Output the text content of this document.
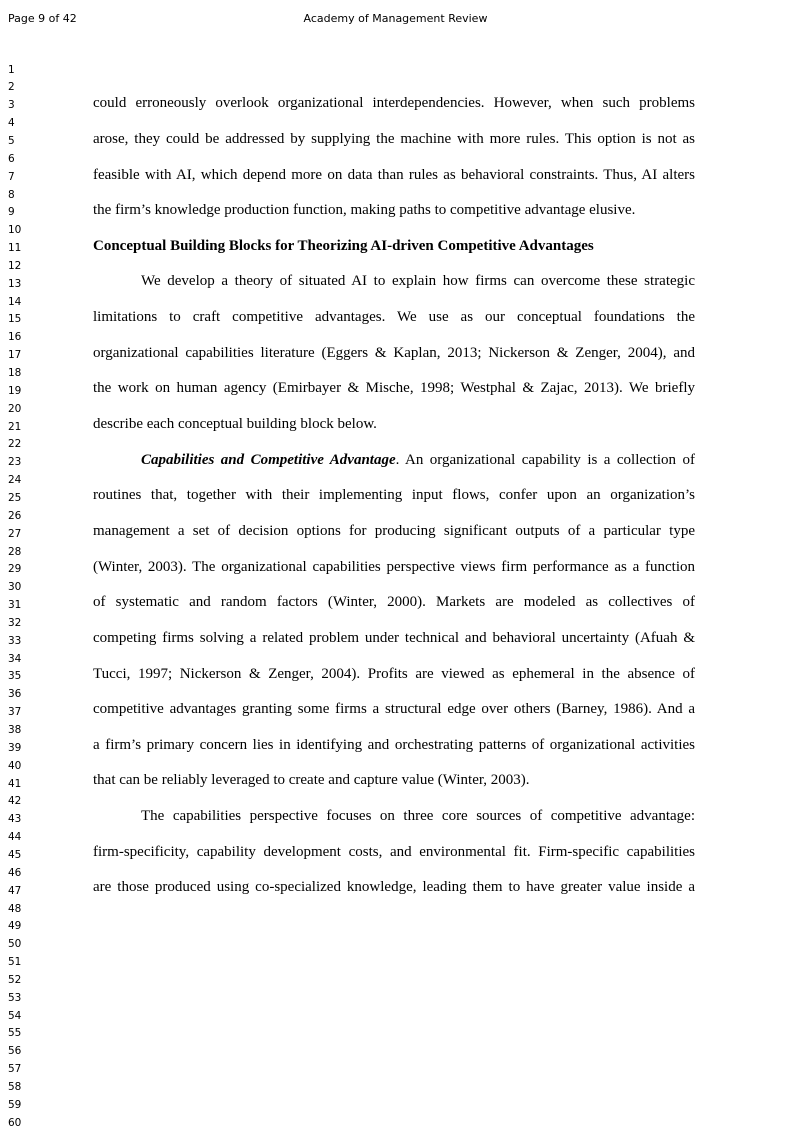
Page 9 of 42	Academy of Management Review
1
2
3
4
5
6
7
8
9
10
11
12
13
14
15
16
17
18
19
20
21
22
23
24
25
26
27
28
29
30
31
32
33
34
35
36
37
38
39
40
41
42
43
44
45
46
47
48
49
50
51
52
53
54
55
56
57
58
59
60
could erroneously overlook organizational interdependencies. However, when such problems
arose, they could be addressed by supplying the machine with more rules. This option is not as
feasible with AI, which depend more on data than rules as behavioral constraints. Thus, AI alters
the firm’s knowledge production function, making paths to competitive advantage elusive.
Conceptual Building Blocks for Theorizing AI-driven Competitive Advantages
We develop a theory of situated AI to explain how firms can overcome these strategic
limitations to craft competitive advantages. We use as our conceptual foundations the
organizational capabilities literature (Eggers & Kaplan, 2013; Nickerson & Zenger, 2004), and
the work on human agency (Emirbayer & Mische, 1998; Westphal & Zajac, 2013). We briefly
describe each conceptual building block below.
Capabilities and Competitive Advantage. An organizational capability is a collection of
routines that, together with their implementing input flows, confer upon an organization’s
management a set of decision options for producing significant outputs of a particular type
(Winter, 2003). The organizational capabilities perspective views firm performance as a function
of systematic and random factors (Winter, 2000). Markets are modeled as collectives of
competing firms solving a related problem under technical and behavioral uncertainty (Afuah &
Tucci, 1997; Nickerson & Zenger, 2004). Profits are viewed as ephemeral in the absence of
competitive advantages granting some firms a structural edge over others (Barney, 1986). And a
a firm’s primary concern lies in identifying and orchestrating patterns of organizational activities
that can be reliably leveraged to create and capture value (Winter, 2003).
The capabilities perspective focuses on three core sources of competitive advantage:
firm-specificity, capability development costs, and environmental fit. Firm-specific capabilities
are those produced using co-specialized knowledge, leading them to have greater value inside a
